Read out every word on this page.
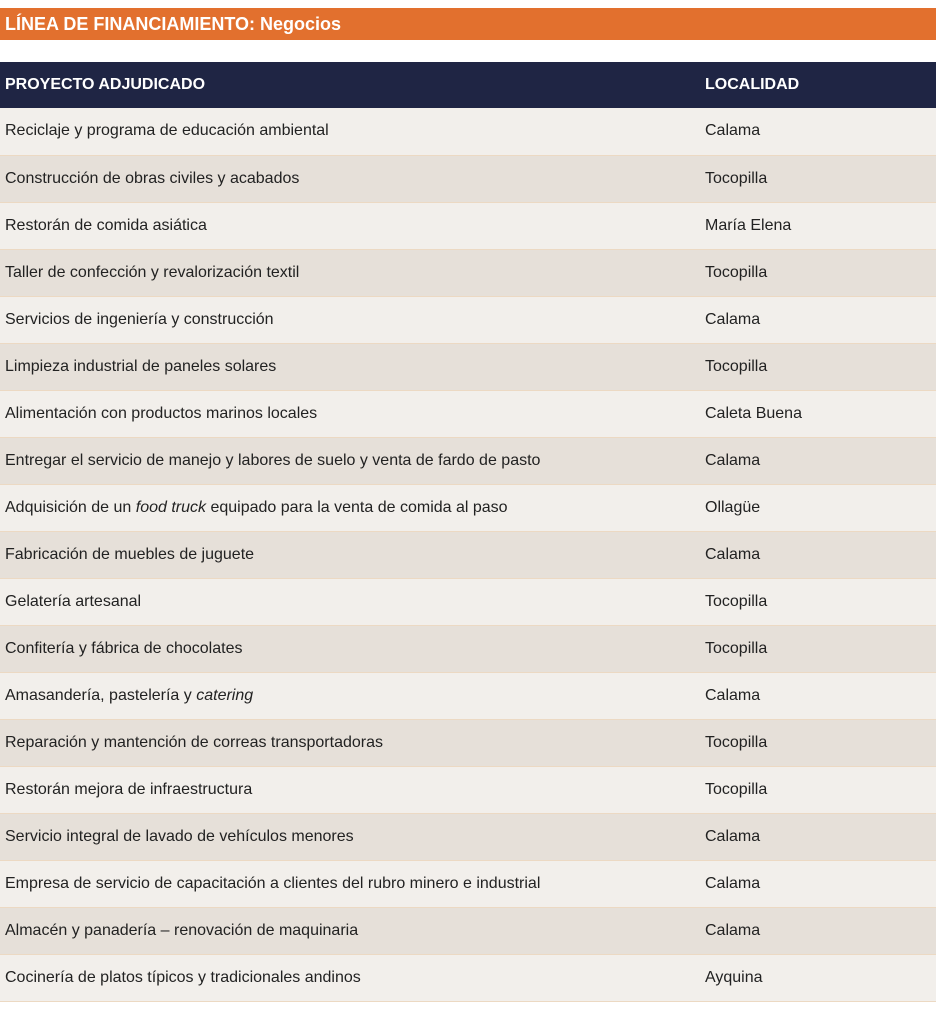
LÍNEA DE FINANCIAMIENTO: Negocios
PROYECTO ADJUDICADO	LOCALIDAD
Reciclaje y programa de educación ambiental	Calama
Construcción de obras civiles y acabados	Tocopilla
Restorán de comida asiática	María Elena
Taller de confección y revalorización textil	Tocopilla
Servicios de ingeniería y construcción	Calama
Limpieza industrial de paneles solares	Tocopilla
Alimentación con productos marinos locales	Caleta Buena
Entregar el servicio de manejo y labores de suelo y venta de fardo de pasto	Calama
Adquisición de un food truck equipado para la venta de comida al paso	Ollagüe
Fabricación de muebles de juguete	Calama
Gelatería artesanal	Tocopilla
Confitería y fábrica de chocolates	Tocopilla
Amasandería, pastelería y catering	Calama
Reparación y mantención de correas transportadoras	Tocopilla
Restorán mejora de infraestructura	Tocopilla
Servicio integral de lavado de vehículos menores	Calama
Empresa de servicio de capacitación a clientes del rubro minero e industrial	Calama
Almacén y panadería – renovación de maquinaria	Calama
Cocinería de platos típicos y tradicionales andinos	Ayquina
